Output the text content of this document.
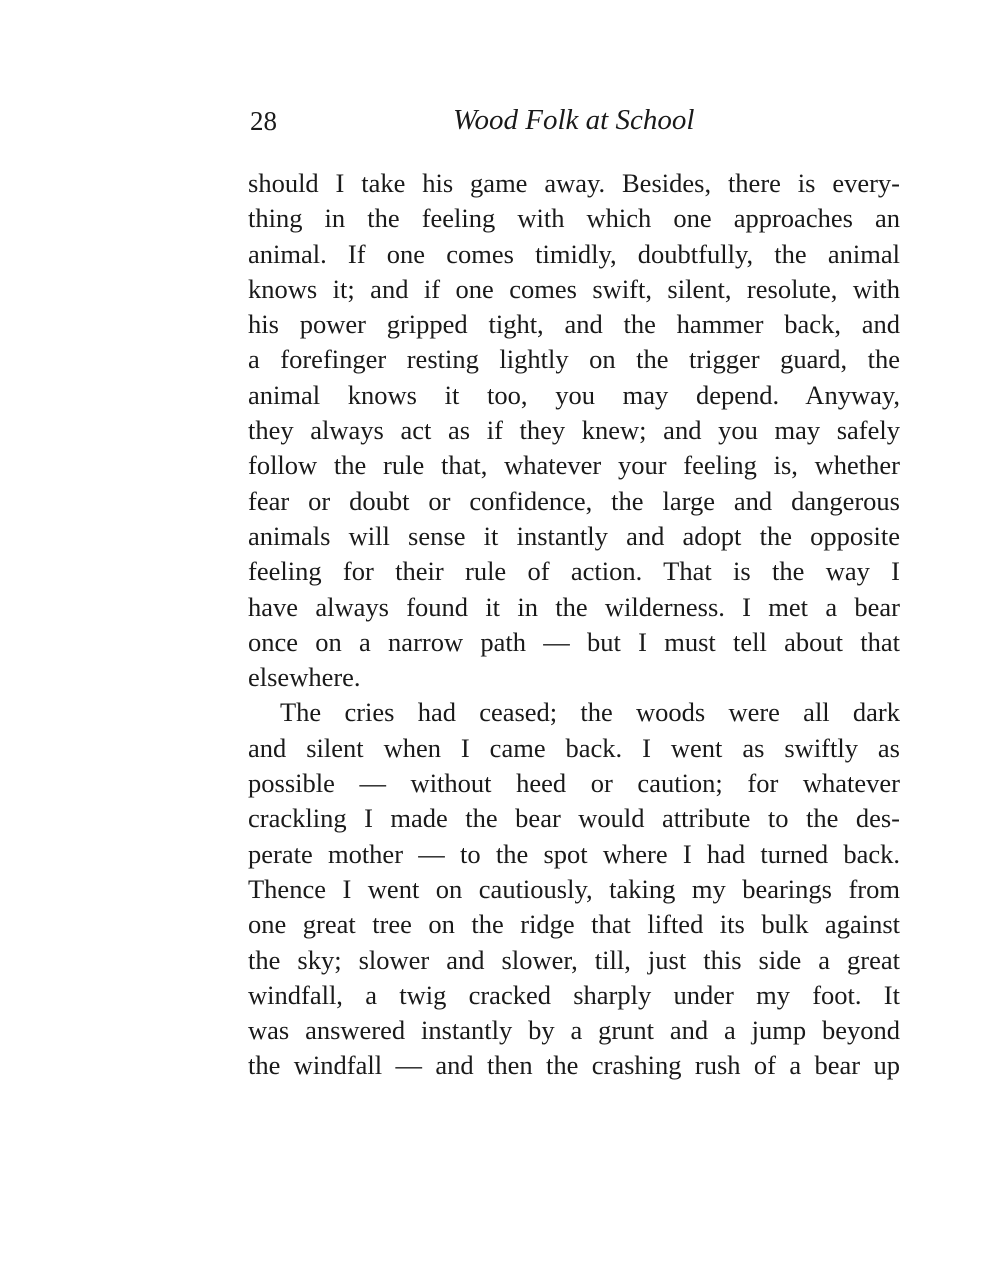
28	Wood Folk at School
should I take his game away. Besides, there is every-
thing in the feeling with which one approaches an
animal. If one comes timidly, doubtfully, the animal
knows it; and if one comes swift, silent, resolute, with
his power gripped tight, and the hammer back, and
a forefinger resting lightly on the trigger guard, the
animal knows it too, you may depend. Anyway,
they always act as if they knew; and you may safely
follow the rule that, whatever your feeling is, whether
fear or doubt or confidence, the large and dangerous
animals will sense it instantly and adopt the opposite
feeling for their rule of action. That is the way I
have always found it in the wilderness. I met a bear
once on a narrow path — but I must tell about that
elsewhere.
The cries had ceased; the woods were all dark
and silent when I came back. I went as swiftly as
possible — without heed or caution; for whatever
crackling I made the bear would attribute to the des-
perate mother — to the spot where I had turned back.
Thence I went on cautiously, taking my bearings from
one great tree on the ridge that lifted its bulk against
the sky; slower and slower, till, just this side a great
windfall, a twig cracked sharply under my foot. It
was answered instantly by a grunt and a jump beyond
the windfall — and then the crashing rush of a bear up
